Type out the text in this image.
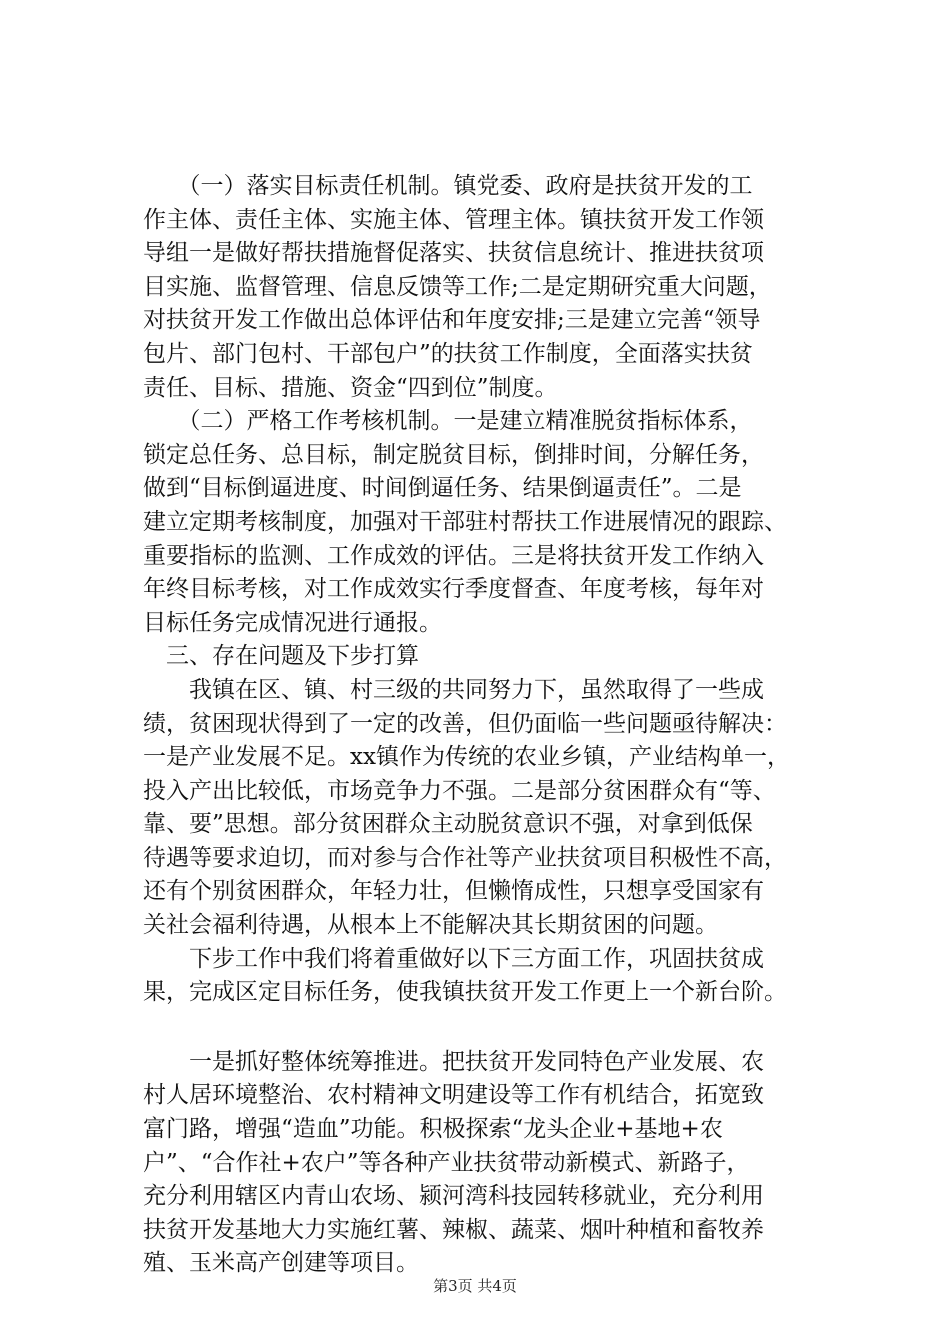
　　（一）落实目标责任机制。镇党委、政府是扶贫开发的工
作主体、责任主体、实施主体、管理主体。镇扶贫开发工作领
导组一是做好帮扶措施督促落实、扶贫信息统计、推进扶贫项
目实施、监督管理、信息反馈等工作;二是定期研究重大问题，
对扶贫开发工作做出总体评估和年度安排;三是建立完善“领导
包片、部门包村、干部包户”的扶贫工作制度，全面落实扶贫
责任、目标、措施、资金“四到位”制度。
　　（二）严格工作考核机制。一是建立精准脱贫指标体系，
锁定总任务、总目标，制定脱贫目标，倒排时间，分解任务，
做到“目标倒逼进度、时间倒逼任务、结果倒逼责任”。二是
建立定期考核制度，加强对干部驻村帮扶工作进展情况的跟踪、
重要指标的监测、工作成效的评估。三是将扶贫开发工作纳入
年终目标考核，对工作成效实行季度督查、年度考核，每年对
目标任务完成情况进行通报。
　三、存在问题及下步打算
　　我镇在区、镇、村三级的共同努力下，虽然取得了一些成
绩，贫困现状得到了一定的改善，但仍面临一些问题亟待解决：
一是产业发展不足。xx镇作为传统的农业乡镇，产业结构单一，
投入产出比较低，市场竞争力不强。二是部分贫困群众有“等、
靠、要”思想。部分贫困群众主动脱贫意识不强，对拿到低保
待遇等要求迫切，而对参与合作社等产业扶贫项目积极性不高，
还有个别贫困群众，年轻力壮，但懒惰成性，只想享受国家有
关社会福利待遇，从根本上不能解决其长期贫困的问题。
　　下步工作中我们将着重做好以下三方面工作，巩固扶贫成
果，完成区定目标任务，使我镇扶贫开发工作更上一个新台阶。
　　一是抓好整体统筹推进。把扶贫开发同特色产业发展、农
村人居环境整治、农村精神文明建设等工作有机结合，拓宽致
富门路，增强“造血”功能。积极探索“龙头企业+基地+农
户”、“合作社+农户”等各种产业扶贫带动新模式、新路子，
充分利用辖区内青山农场、颍河湾科技园转移就业，充分利用
扶贫开发基地大力实施红薯、辣椒、蔬菜、烟叶种植和畜牧养
殖、玉米高产创建等项目。
第3页 共4页
